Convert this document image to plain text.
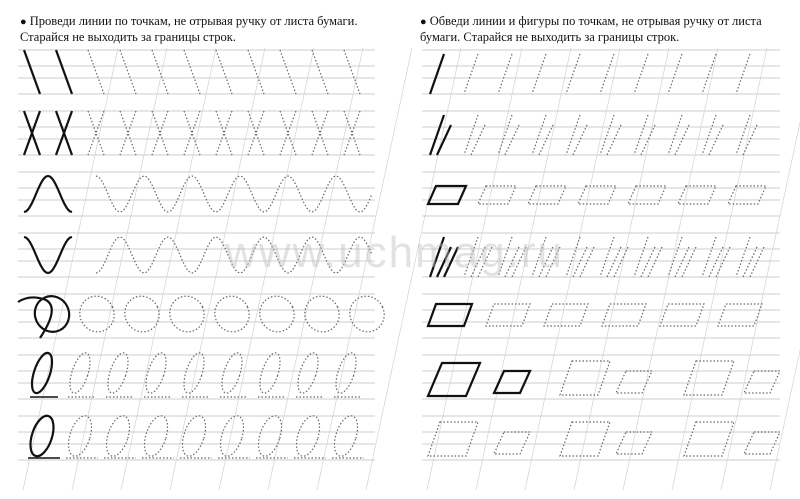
● Проведи линии по точкам, не отрывая ручку от листа бумаги. Старайся не выходить за границы строк.

● Обведи линии и фигуры по точкам, не отрывая ручку от листа бумаги. Старайся не выходить за границы строк.

www.uchmag.ru
